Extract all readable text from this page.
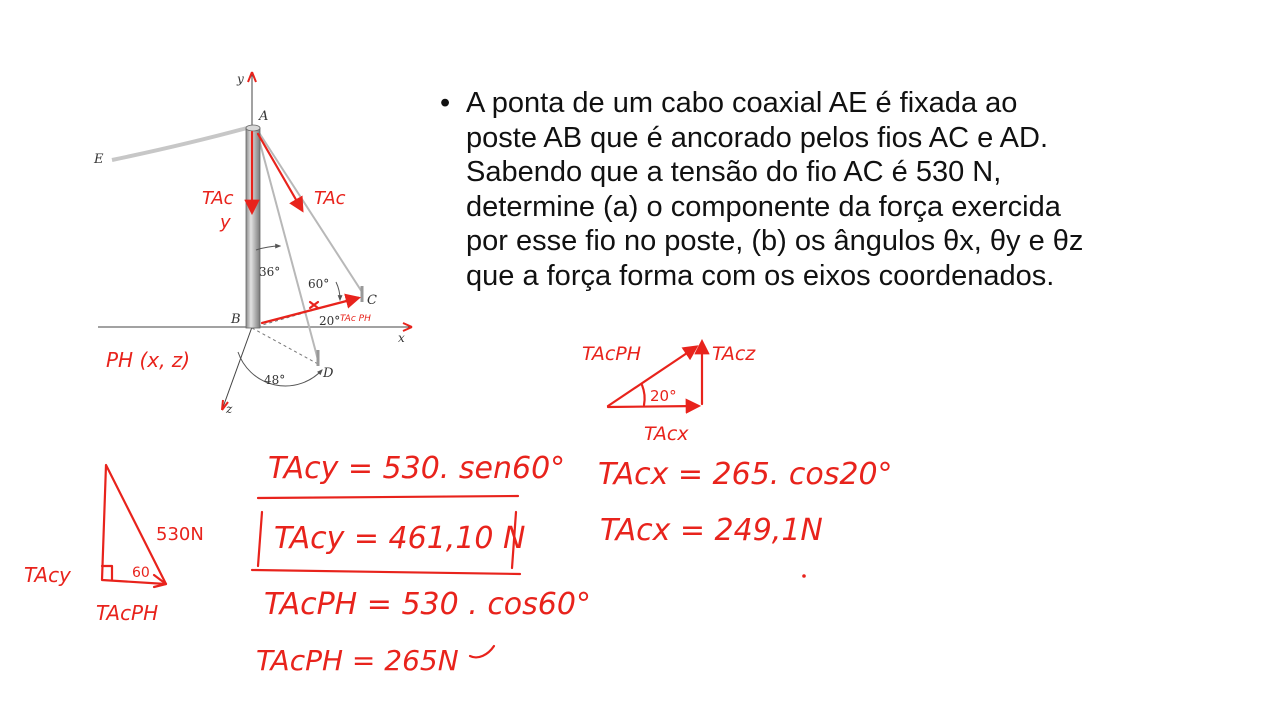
• A ponta de um cabo coaxial AE é fixada ao
poste AB que é ancorado pelos fios AC e AD.
Sabendo que a tensão do fio AC é 530 N,
determine (a) o componente da força exercida
por esse fio no poste, (b) os ângulos θx, θy e θz
que a força forma com os eixos coordenados.
y
x
z
A
B
C
D
E
36°
60°
20°
48°
TAc
y
TAc
TAc PH
PH (x, z)
530N
60
TAcy
TAcPH
TAcy = 530. sen60°
TAcy = 461,10 N
TAcPH = 530 . cos60°
TAcPH = 265N
TAcPH	TAcz
TAcx
20°
TAcx = 265. cos20°
TAcx = 249,1N
